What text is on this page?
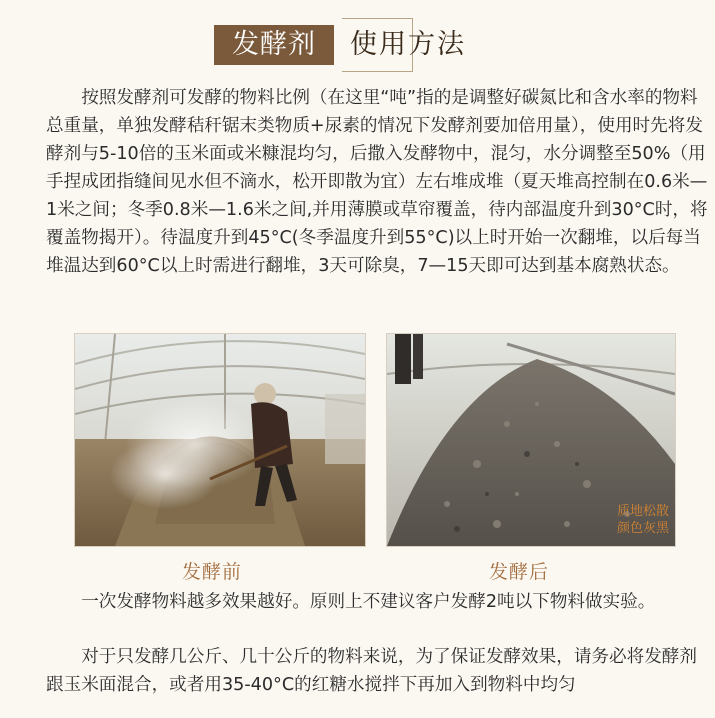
发酵剂	使用方法

按照发酵剂可发酵的物料比例（在这里“吨”指的是调整好碳氮比和含水率的物料总重量，单独发酵秸秆锯末类物质+尿素的情况下发酵剂要加倍用量），使用时先将发酵剂与5-10倍的玉米面或米糠混均匀，后撒入发酵物中，混匀，水分调整至50%（用手捏成团指缝间见水但不滴水，松开即散为宜）左右堆成堆（夏天堆高控制在0.6米—1米之间；冬季0.8米—1.6米之间,并用薄膜或草帘覆盖，待内部温度升到30°C时，将覆盖物揭开）。待温度升到45°C(冬季温度升到55°C)以上时开始一次翻堆，以后每当堆温达到60°C以上时需进行翻堆，3天可除臭，7—15天即可达到基本腐熟状态。

质地松散
颜色灰黑
发酵前	发酵后

一次发酵物料越多效果越好。原则上不建议客户发酵2吨以下物料做实验。

对于只发酵几公斤、几十公斤的物料来说，为了保证发酵效果，请务必将发酵剂跟玉米面混合，或者用35-40°C的红糖水搅拌下再加入到物料中均匀
